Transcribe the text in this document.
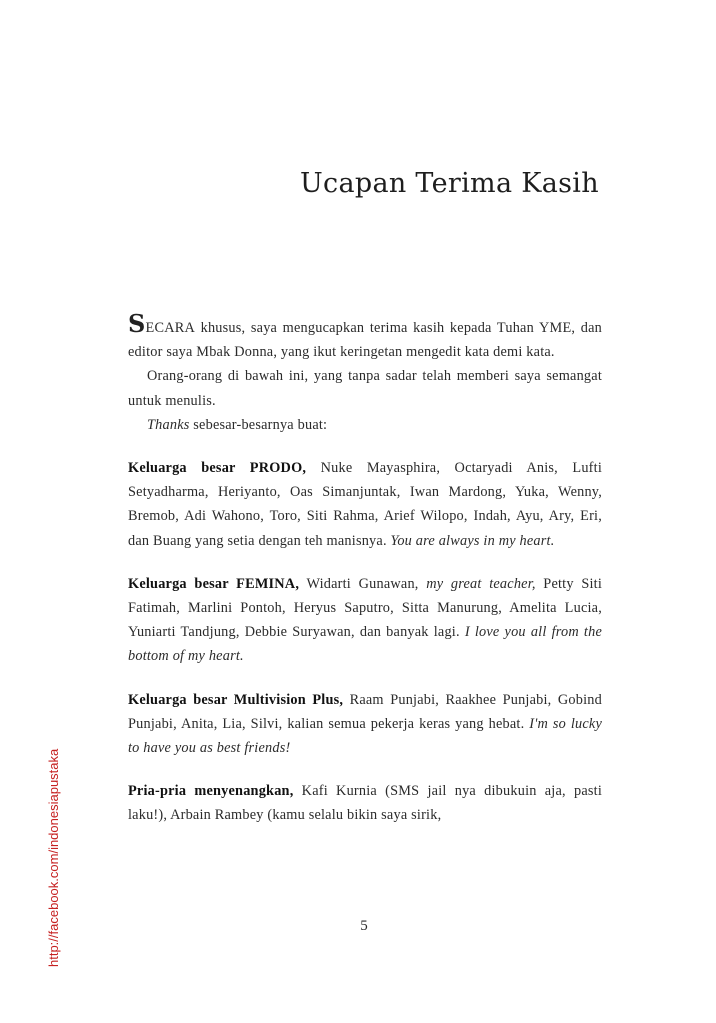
Ucapan Terima Kasih

SECARA khusus, saya mengucapkan terima kasih kepada Tuhan YME, dan editor saya Mbak Donna, yang ikut keringetan mengedit kata demi kata.

Orang-orang di bawah ini, yang tanpa sadar telah memberi saya semangat untuk menulis.

Thanks sebesar-besarnya buat:

Keluarga besar PRODO, Nuke Mayasphira, Octaryadi Anis, Lufti Setyadharma, Heriyanto, Oas Simanjuntak, Iwan Mardong, Yuka, Wenny, Bremob, Adi Wahono, Toro, Siti Rahma, Arief Wilopo, Indah, Ayu, Ary, Eri, dan Buang yang setia dengan teh manisnya. You are always in my heart.

Keluarga besar FEMINA, Widarti Gunawan, my great teacher, Petty Siti Fatimah, Marlini Pontoh, Heryus Saputro, Sitta Manurung, Amelita Lucia, Yuniarti Tandjung, Debbie Suryawan, dan banyak lagi. I love you all from the bottom of my heart.

Keluarga besar Multivision Plus, Raam Punjabi, Raakhee Punjabi, Gobind Punjabi, Anita, Lia, Silvi, kalian semua pekerja keras yang hebat. I'm so lucky to have you as best friends!

Pria-pria menyenangkan, Kafi Kurnia (SMS jail nya dibukuin aja, pasti laku!), Arbain Rambey (kamu selalu bikin saya sirik,

5
http://facebook.com/indonesiapustaka
